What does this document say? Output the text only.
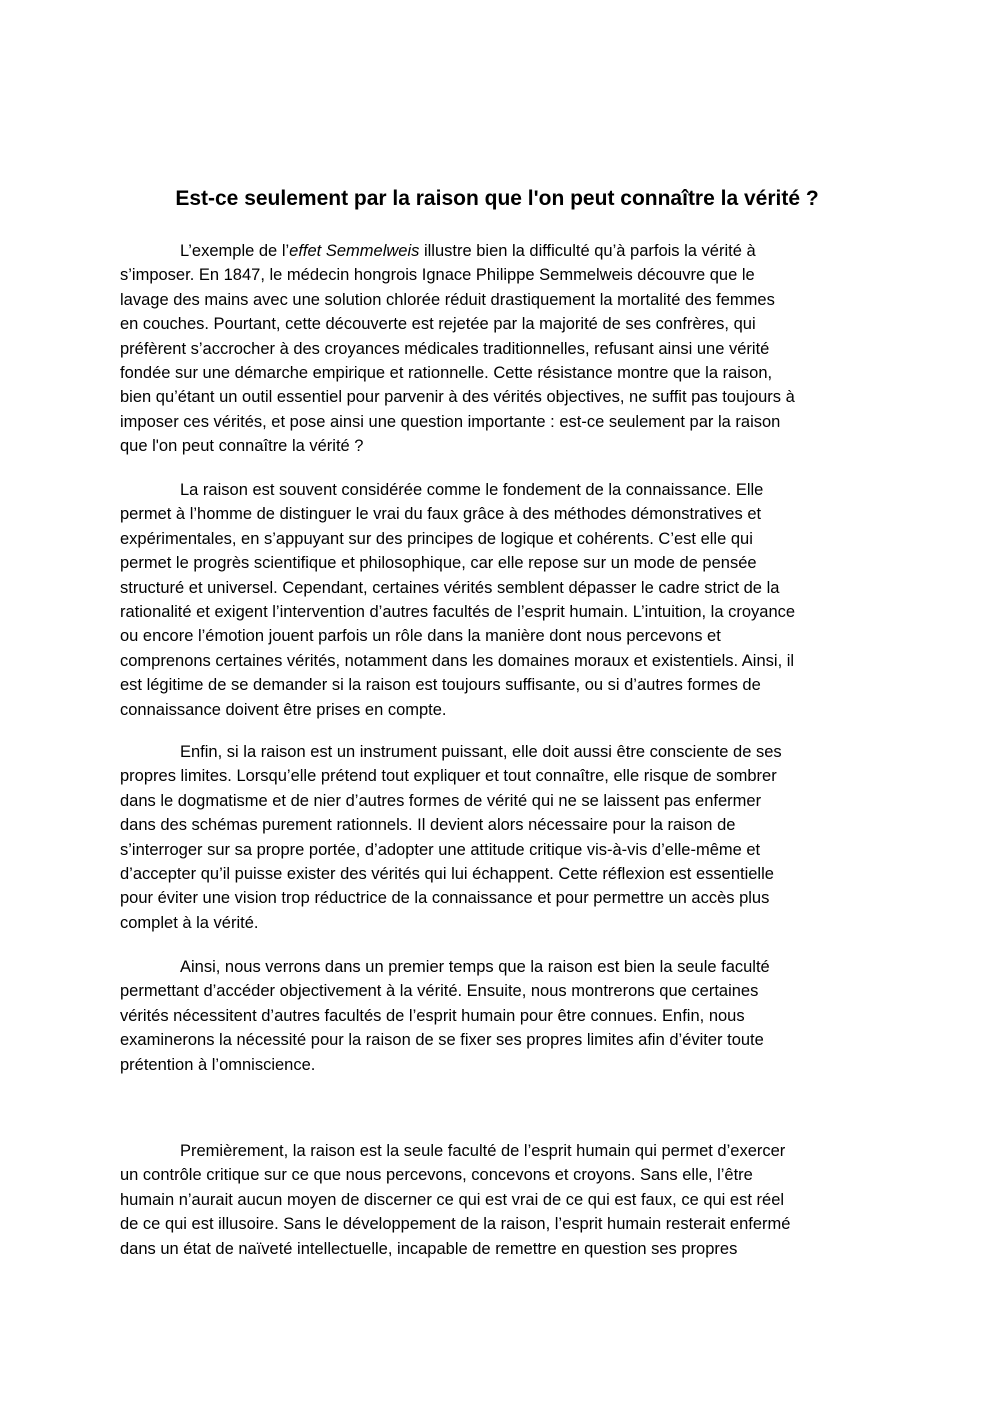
Est-ce seulement par la raison que l'on peut connaître la vérité ?
L’exemple de l’effet Semmelweis illustre bien la difficulté qu’à parfois la vérité à
s’imposer. En 1847, le médecin hongrois Ignace Philippe Semmelweis découvre que le
lavage des mains avec une solution chlorée réduit drastiquement la mortalité des femmes
en couches. Pourtant, cette découverte est rejetée par la majorité de ses confrères, qui
préfèrent s’accrocher à des croyances médicales traditionnelles, refusant ainsi une vérité
fondée sur une démarche empirique et rationnelle. Cette résistance montre que la raison,
bien qu’étant un outil essentiel pour parvenir à des vérités objectives, ne suffit pas toujours à
imposer ces vérités, et pose ainsi une question importante : est-ce seulement par la raison
que l'on peut connaître la vérité ?
La raison est souvent considérée comme le fondement de la connaissance. Elle
permet à l’homme de distinguer le vrai du faux grâce à des méthodes démonstratives et
expérimentales, en s’appuyant sur des principes de logique et cohérents. C’est elle qui
permet le progrès scientifique et philosophique, car elle repose sur un mode de pensée
structuré et universel. Cependant, certaines vérités semblent dépasser le cadre strict de la
rationalité et exigent l’intervention d’autres facultés de l’esprit humain. L’intuition, la croyance
ou encore l’émotion jouent parfois un rôle dans la manière dont nous percevons et
comprenons certaines vérités, notamment dans les domaines moraux et existentiels. Ainsi, il
est légitime de se demander si la raison est toujours suffisante, ou si d’autres formes de
connaissance doivent être prises en compte.
Enfin, si la raison est un instrument puissant, elle doit aussi être consciente de ses
propres limites. Lorsqu’elle prétend tout expliquer et tout connaître, elle risque de sombrer
dans le dogmatisme et de nier d’autres formes de vérité qui ne se laissent pas enfermer
dans des schémas purement rationnels. Il devient alors nécessaire pour la raison de
s’interroger sur sa propre portée, d’adopter une attitude critique vis-à-vis d’elle-même et
d’accepter qu’il puisse exister des vérités qui lui échappent. Cette réflexion est essentielle
pour éviter une vision trop réductrice de la connaissance et pour permettre un accès plus
complet à la vérité.
Ainsi, nous verrons dans un premier temps que la raison est bien la seule faculté
permettant d’accéder objectivement à la vérité. Ensuite, nous montrerons que certaines
vérités nécessitent d’autres facultés de l’esprit humain pour être connues. Enfin, nous
examinerons la nécessité pour la raison de se fixer ses propres limites afin d’éviter toute
prétention à l’omniscience.
Premièrement, la raison est la seule faculté de l’esprit humain qui permet d’exercer
un contrôle critique sur ce que nous percevons, concevons et croyons. Sans elle, l’être
humain n’aurait aucun moyen de discerner ce qui est vrai de ce qui est faux, ce qui est réel
de ce qui est illusoire. Sans le développement de la raison, l’esprit humain resterait enfermé
dans un état de naïveté intellectuelle, incapable de remettre en question ses propres
